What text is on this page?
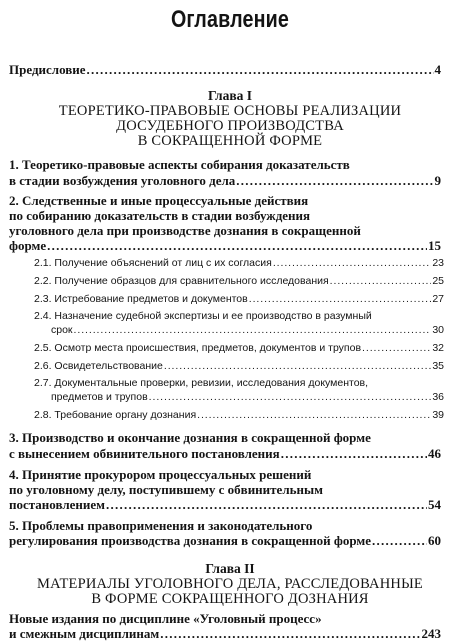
Оглавление
Предисловие . . .	4
Глава I
ТЕОРЕТИКО-ПРАВОВЫЕ ОСНОВЫ РЕАЛИЗАЦИИ
ДОСУДЕБНОГО ПРОИЗВОДСТВА
В СОКРАЩЕННОЙ ФОРМЕ
1. Теоретико-правовые аспекты собирания доказательств
в стадии возбуждения уголовного дела . . .	9
2. Следственные и иные процессуальные действия
по собиранию доказательств в стадии возбуждения
уголовного дела при производстве дознания в сокращенной
форме . . .	15
2.1. Получение объяснений от лиц с их согласия . . .	23
2.2. Получение образцов для сравнительного исследования . . .	25
2.3. Истребование предметов и документов . . .	27
2.4. Назначение судебной экспертизы и ее производство в разумный
срок . . .	30
2.5. Осмотр места происшествия, предметов, документов и трупов . . .	32
2.6. Освидетельствование . . .	35
2.7. Документальные проверки, ревизии, исследования документов,
предметов и трупов . . .	36
2.8. Требование органу дознания . . .	39
3. Производство и окончание дознания в сокращенной форме
с вынесением обвинительного постановления . . .	46
4. Принятие прокурором процессуальных решений
по уголовному делу, поступившему с обвинительным
постановлением . . .	54
5. Проблемы правоприменения и законодательного
регулирования производства дознания в сокращенной форме . . .	60
Глава II
МАТЕРИАЛЫ УГОЛОВНОГО ДЕЛА, РАССЛЕДОВАННЫЕ
В ФОРМЕ СОКРАЩЕННОГО ДОЗНАНИЯ
Новые издания по дисциплине «Уголовный процесс»
и смежным дисциплинам . . .	243
